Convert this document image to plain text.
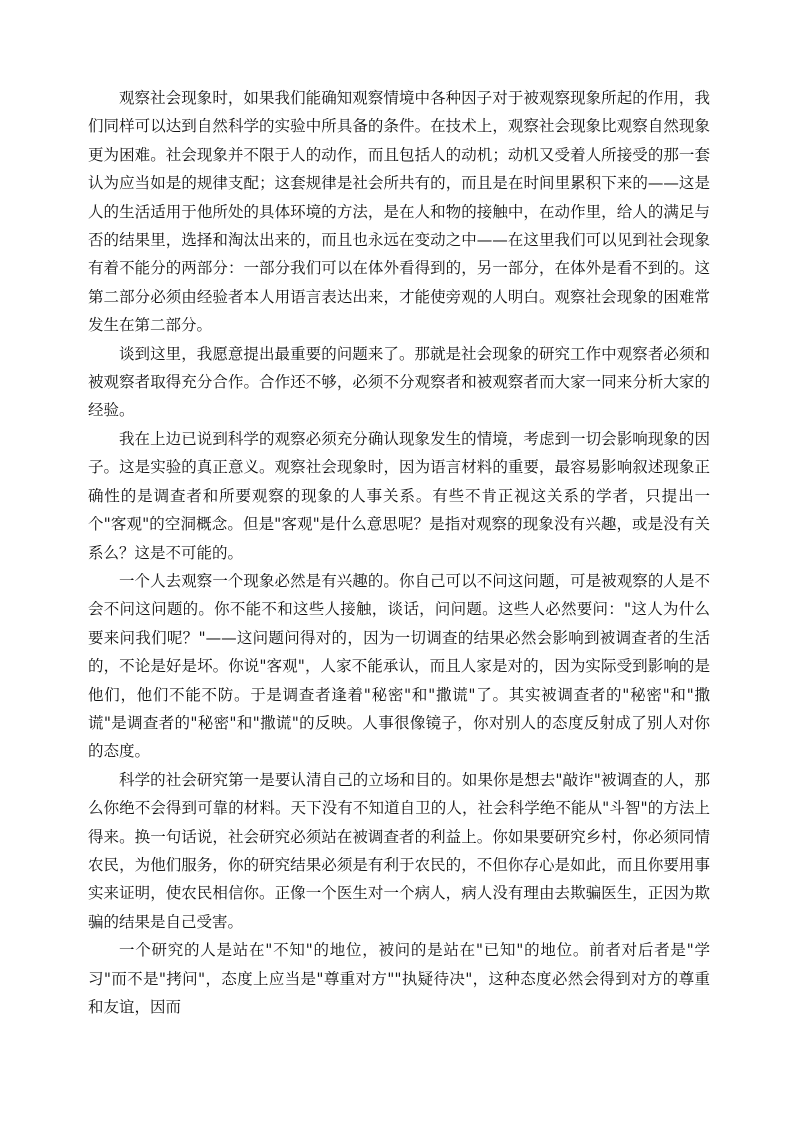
观察社会现象时，如果我们能确知观察情境中各种因子对于被观察现象所起的作用，我们同样可以达到自然科学的实验中所具备的条件。在技术上，观察社会现象比观察自然现象更为困难。社会现象并不限于人的动作，而且包括人的动机；动机又受着人所接受的那一套认为应当如是的规律支配；这套规律是社会所共有的，而且是在时间里累积下来的——这是人的生活适用于他所处的具体环境的方法，是在人和物的接触中，在动作里，给人的满足与否的结果里，选择和淘汰出来的，而且也永远在变动之中——在这里我们可以见到社会现象有着不能分的两部分：一部分我们可以在体外看得到的，另一部分，在体外是看不到的。这第二部分必须由经验者本人用语言表达出来，才能使旁观的人明白。观察社会现象的困难常发生在第二部分。

谈到这里，我愿意提出最重要的问题来了。那就是社会现象的研究工作中观察者必须和被观察者取得充分合作。合作还不够，必须不分观察者和被观察者而大家一同来分析大家的经验。

我在上边已说到科学的观察必须充分确认现象发生的情境，考虑到一切会影响现象的因子。这是实验的真正意义。观察社会现象时，因为语言材料的重要，最容易影响叙述现象正确性的是调查者和所要观察的现象的人事关系。有些不肯正视这关系的学者，只提出一个"客观"的空洞概念。但是"客观"是什么意思呢？是指对观察的现象没有兴趣，或是没有关系么？这是不可能的。

一个人去观察一个现象必然是有兴趣的。你自己可以不问这问题，可是被观察的人是不会不问这问题的。你不能不和这些人接触，谈话，问问题。这些人必然要问："这人为什么要来问我们呢？"——这问题问得对的，因为一切调查的结果必然会影响到被调查者的生活的，不论是好是坏。你说"客观"，人家不能承认，而且人家是对的，因为实际受到影响的是他们，他们不能不防。于是调查者逢着"秘密"和"撒谎"了。其实被调查者的"秘密"和"撒谎"是调查者的"秘密"和"撒谎"的反映。人事很像镜子，你对别人的态度反射成了别人对你的态度。

科学的社会研究第一是要认清自己的立场和目的。如果你是想去"敲诈"被调查的人，那么你绝不会得到可靠的材料。天下没有不知道自卫的人，社会科学绝不能从"斗智"的方法上得来。换一句话说，社会研究必须站在被调查者的利益上。你如果要研究乡村，你必须同情农民，为他们服务，你的研究结果必须是有利于农民的，不但你存心是如此，而且你要用事实来证明，使农民相信你。正像一个医生对一个病人，病人没有理由去欺骗医生，正因为欺骗的结果是自己受害。

一个研究的人是站在"不知"的地位，被问的是站在"已知"的地位。前者对后者是"学习"而不是"拷问"，态度上应当是"尊重对方""执疑待决"，这种态度必然会得到对方的尊重和友谊，因而
